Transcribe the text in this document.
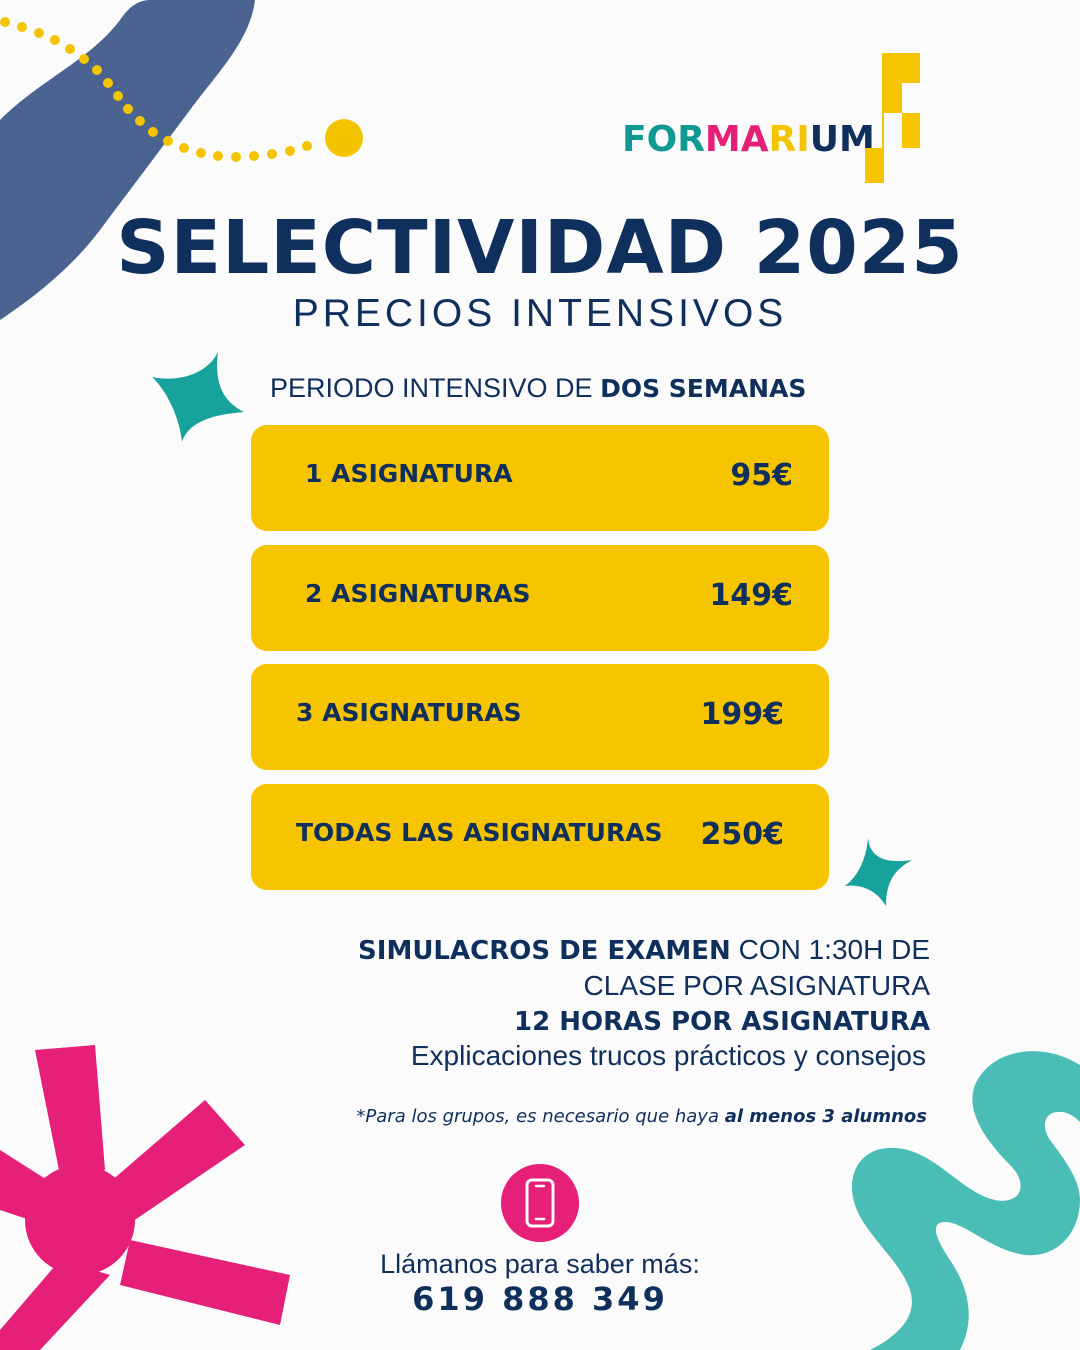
FORMARIUM
SELECTIVIDAD 2025
PRECIOS INTENSIVOS
PERIODO INTENSIVO DE DOS SEMANAS
1 ASIGNATURA	95€
2 ASIGNATURAS	149€
3 ASIGNATURAS	199€
TODAS LAS ASIGNATURAS 250€
SIMULACROS DE EXAMEN CON 1:30H DE
CLASE POR ASIGNATURA
12 HORAS POR ASIGNATURA
Explicaciones trucos prácticos y consejos
*Para los grupos, es necesario que haya al menos 3 alumnos
Llámanos para saber más:
619 888 349
